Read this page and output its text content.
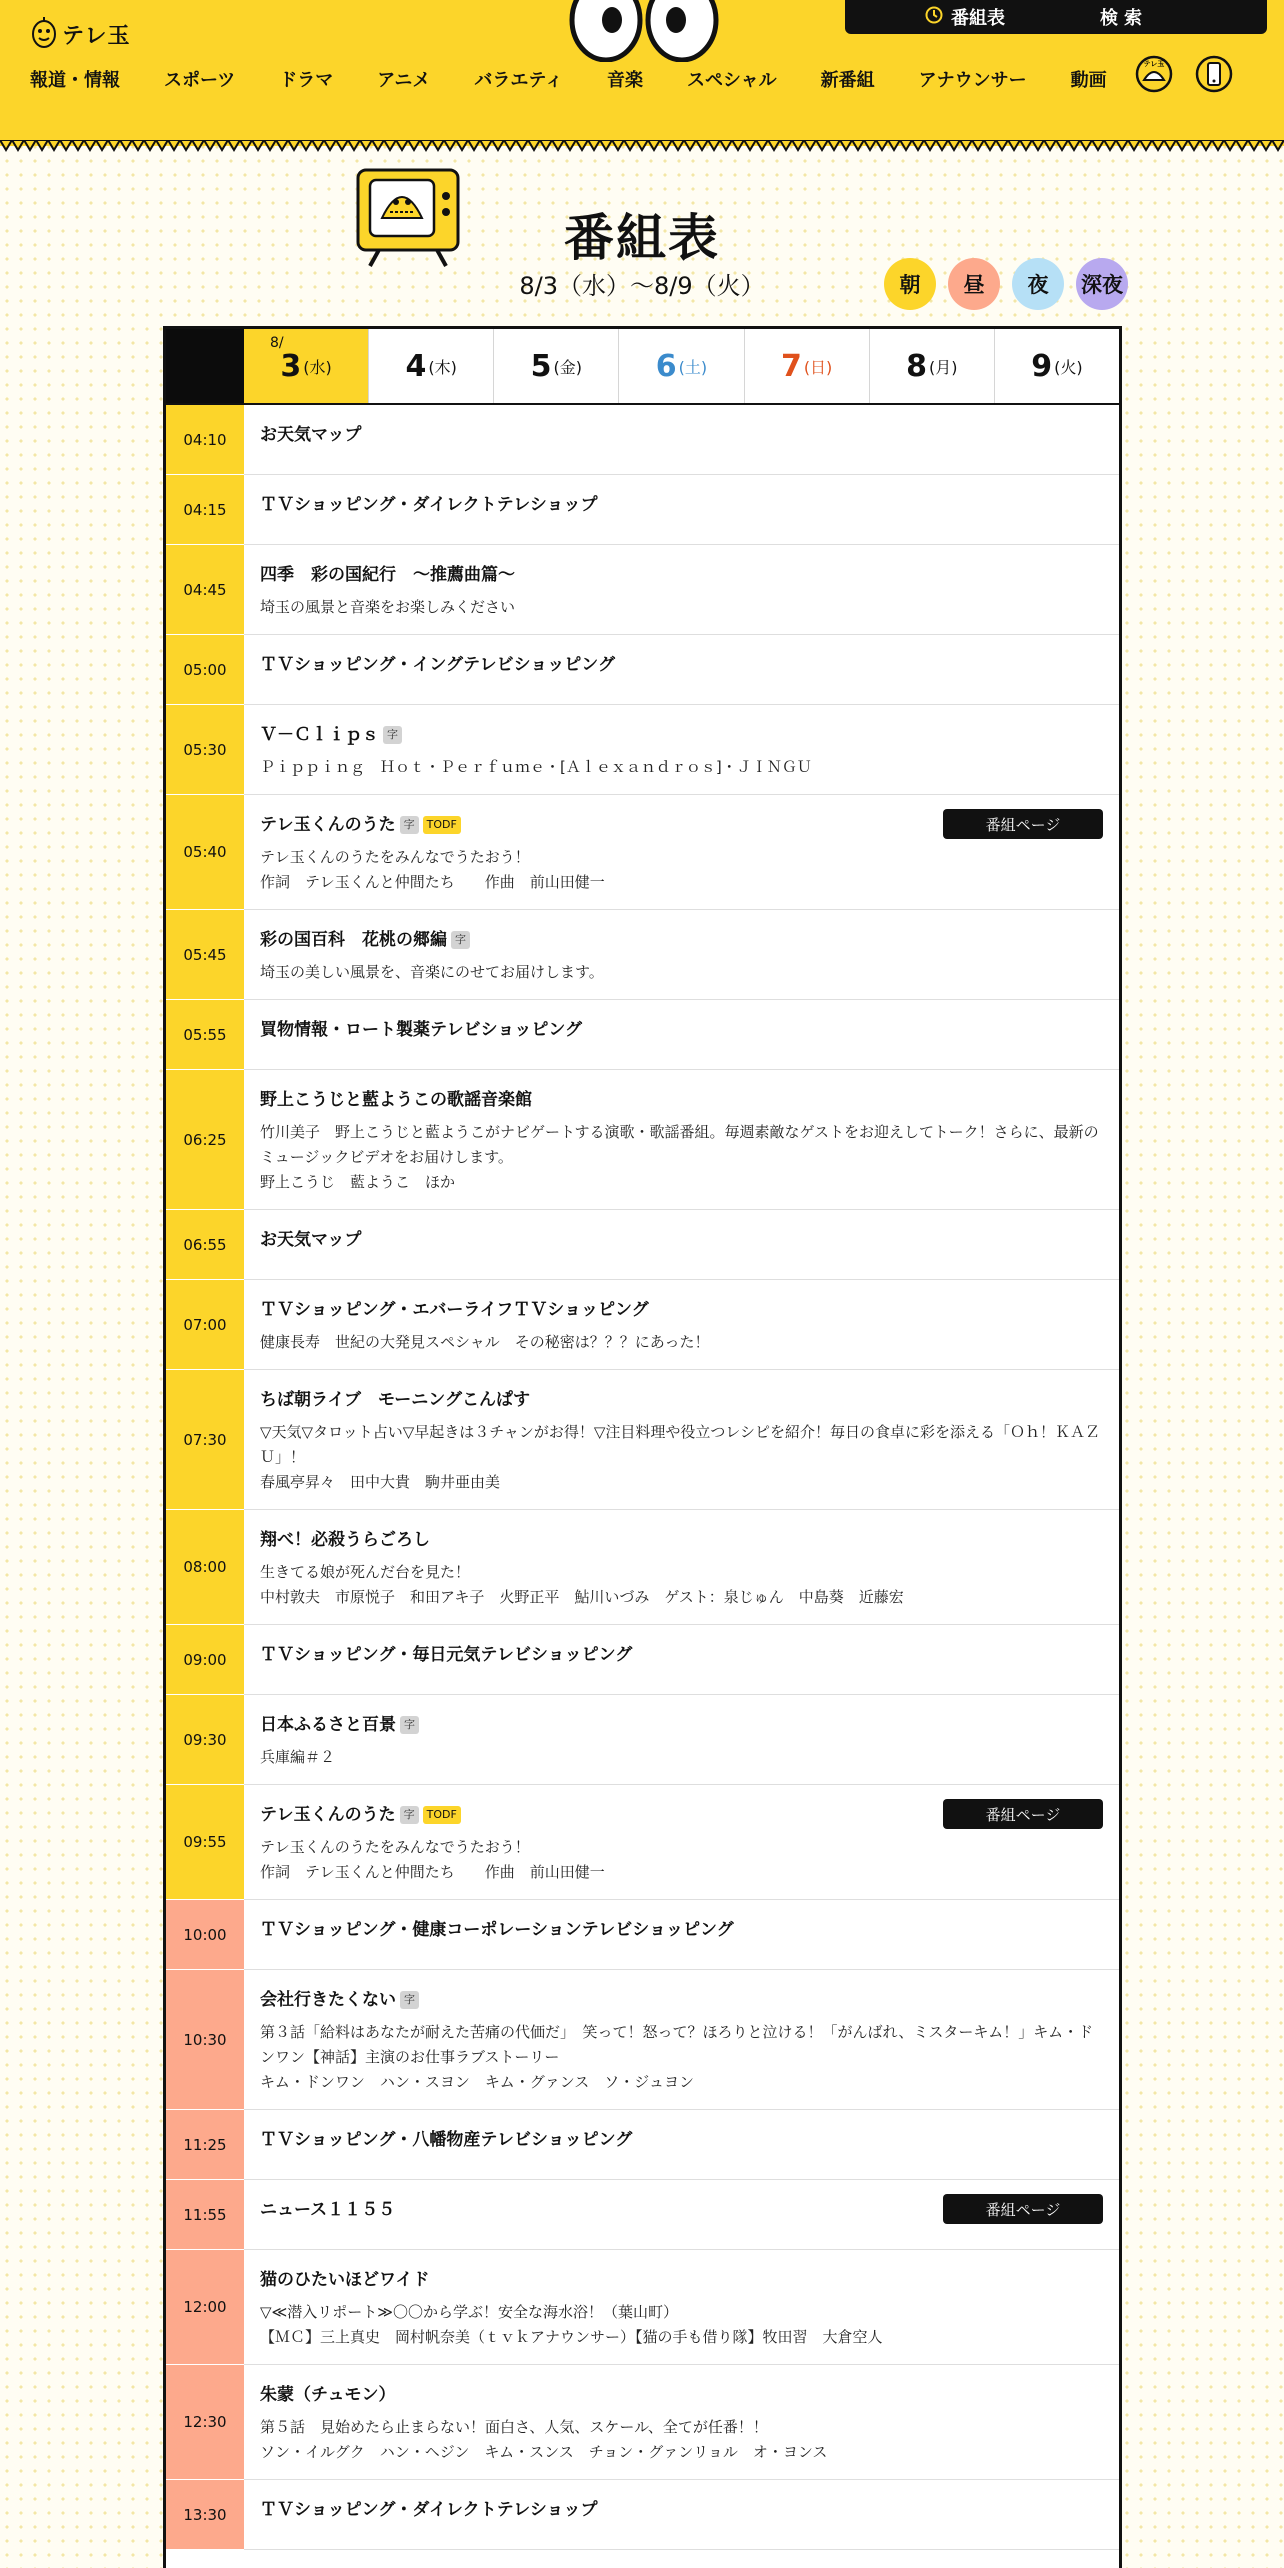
テレ玉
番組表	検索
報道・情報 スポーツ ドラマ アニメ バラエティ 音楽 スペシャル 新番組 アナウンサー 動画
テレ玉
番組表
8/3（水）〜8/9（火）	朝	昼	夜	深夜
8/
3 (水) 4 (木) 5 (金) 6 (土) 7 (日) 8 (月) 9 (火)
04:10	お天気マップ
04:15	ＴＶショッピング・ダイレクトテレショップ
04:45
四季　彩の国紀行　～推薦曲篇～
埼玉の風景と音楽をお楽しみください
05:00	ＴＶショッピング・イングテレビショッピング
05:30
Ｖ－Ｃｌｉｐｓ 字
Ｐｉｐｐｉｎｇ　Ｈｏｔ・Ｐｅｒｆｕｍｅ・[Ａｌｅｘａｎｄｒｏｓ]・ＪＩＮＧＵ
05:40
テレ玉くんのうた 字	TODF
テレ玉くんのうたをみんなでうたおう！
作詞　テレ玉くんと仲間たち　　作曲　前山田健一
番組ページ
05:45
彩の国百科　花桃の郷編 字
埼玉の美しい風景を、音楽にのせてお届けします。
05:55	買物情報・ロート製薬テレビショッピング
06:25
野上こうじと藍ようこの歌謡音楽館
竹川美子　野上こうじと藍ようこがナビゲートする演歌・歌謡番組。毎週素敵なゲストをお迎えしてトーク！さらに、最新のミュージックビデオをお届けします。
野上こうじ　藍ようこ　ほか
06:55	お天気マップ
07:00
ＴＶショッピング・エバーライフＴＶショッピング
健康長寿　世紀の大発見スペシャル　その秘密は？？？にあった！
07:30
ちば朝ライブ　モーニングこんぱす
▽天気▽タロット占い▽早起きは３チャンがお得！▽注目料理や役立つレシピを紹介！毎日の食卓に彩を添える「Ｏｈ！ＫＡＺＵ」！
春風亭昇々　田中大貴　駒井亜由美
08:00
翔べ！必殺うらごろし
生きてる娘が死んだ台を見た！
中村敦夫　市原悦子　和田アキ子　火野正平　鮎川いづみ　ゲスト：泉じゅん　中島葵　近藤宏
09:00	ＴＶショッピング・毎日元気テレビショッピング
09:30
日本ふるさと百景 字
兵庫編＃２
09:55
テレ玉くんのうた 字	TODF
テレ玉くんのうたをみんなでうたおう！
作詞　テレ玉くんと仲間たち　　作曲　前山田健一
番組ページ
10:00	ＴＶショッピング・健康コーポレーションテレビショッピング
10:30
会社行きたくない 字
第３話「給料はあなたが耐えた苦痛の代価だ」　笑って！怒って？ほろりと泣ける！「がんばれ、ミスターキム！」キム・ドンワン【神話】主演のお仕事ラブストーリー
キム・ドンワン　ハン・スヨン　キム・グァンス　ソ・ジュヨン
11:25	ＴＶショッピング・八幡物産テレビショッピング
11:55	ニュース１１５５	番組ページ
12:00
猫のひたいほどワイド
▽≪潜入リポート≫〇〇から学ぶ！安全な海水浴！（葉山町）
【ＭＣ】三上真史　岡村帆奈美（ｔｖｋアナウンサー）【猫の手も借り隊】牧田習　大倉空人
12:30
朱蒙（チュモン）
第５話　見始めたら止まらない！面白さ、人気、スケール、全てが任番！！
ソン・イルグク　ハン・ヘジン　キム・スンス　チョン・グァンリョル　オ・ヨンス
13:30	ＴＶショッピング・ダイレクトテレショップ
